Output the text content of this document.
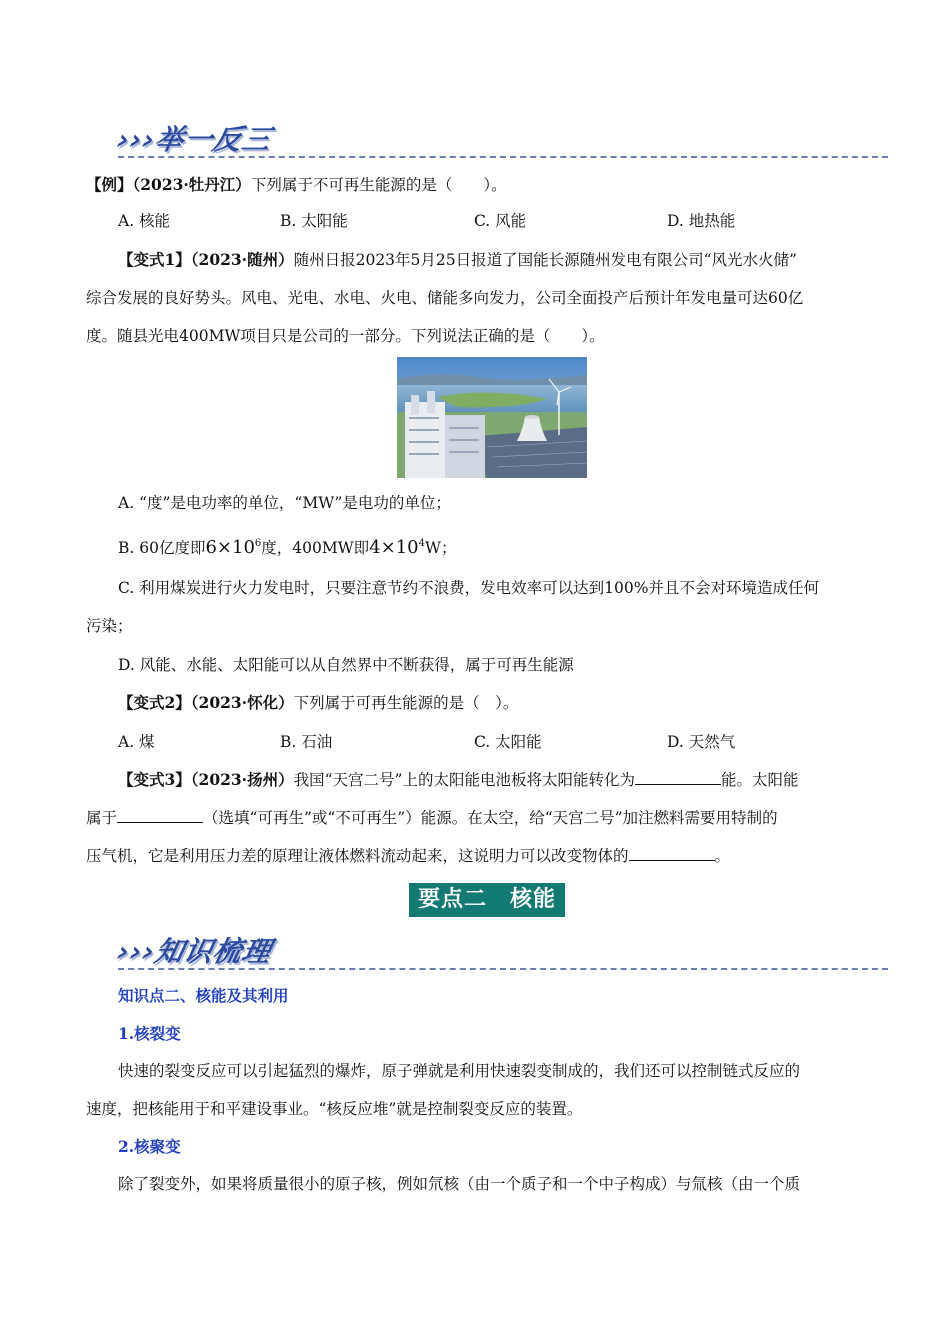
›››举一反三
【例】（2023·牡丹江）下列属于不可再生能源的是（　　）。
A. 核能	B. 太阳能	C. 风能	D. 地热能
【变式1】（2023·随州）随州日报2023年5月25日报道了国能长源随州发电有限公司“风光水火储”
综合发展的良好势头。风电、光电、水电、火电、储能多向发力，公司全面投产后预计年发电量可达60亿
度。随县光电400MW项目只是公司的一部分。下列说法正确的是（　　）。
A. “度”是电功率的单位，“MW”是电功的单位；
B. 60亿度即$6\times 10^6$度，400MW即$4\times 10^4W$；
C. 利用煤炭进行火力发电时，只要注意节约不浪费，发电效率可以达到100%并且不会对环境造成任何
污染；
D. 风能、水能、太阳能可以从自然界中不断获得，属于可再生能源
【变式2】（2023·怀化）下列属于可再生能源的是（　）。
A. 煤	B. 石油	C. 太阳能	D. 天然气
【变式3】（2023·扬州）我国“天宫二号”上的太阳能电池板将太阳能转化为	能。太阳能
属于	（选填“可再生”或“不可再生”）能源。在太空，给“天宫二号”加注燃料需要用特制的
压气机，它是利用压力差的原理让液体燃料流动起来，这说明力可以改变物体的	。
要点二　核能
›››知识梳理
知识点二、核能及其利用
1.核裂变
快速的裂变反应可以引起猛烈的爆炸，原子弹就是利用快速裂变制成的，我们还可以控制链式反应的
速度，把核能用于和平建设事业。“核反应堆”就是控制裂变反应的装置。
2.核聚变
除了裂变外，如果将质量很小的原子核，例如氘核（由一个质子和一个中子构成）与氚核（由一个质
